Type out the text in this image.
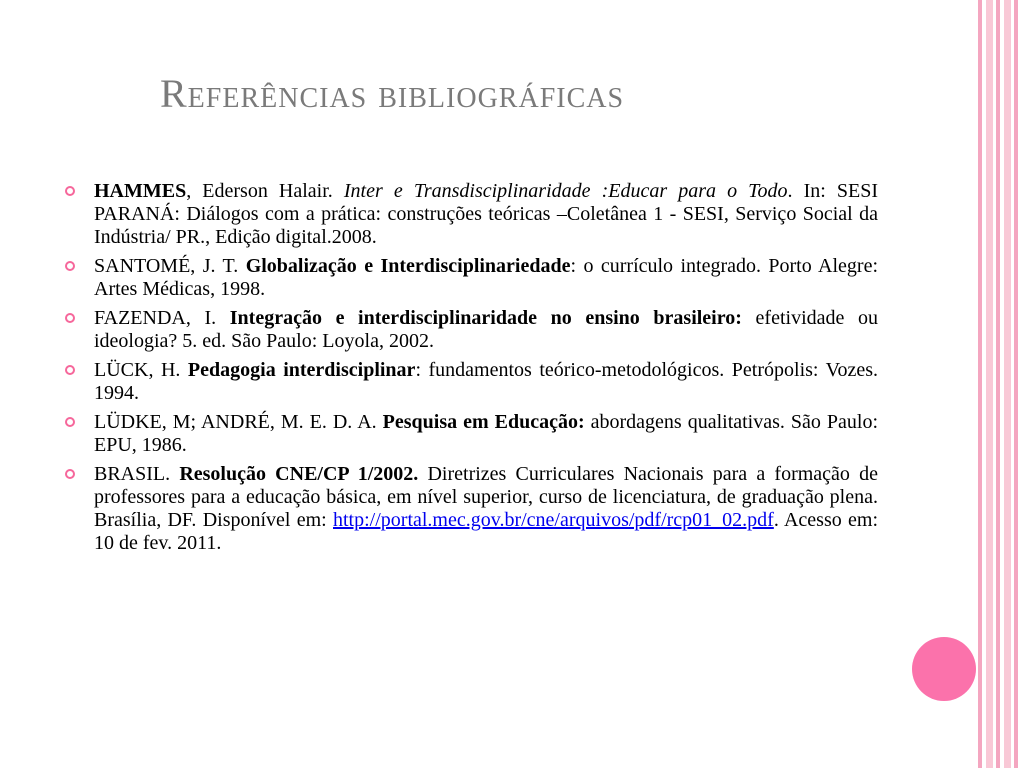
Referências bibliográficas
HAMMES, Ederson Halair. Inter e Transdisciplinaridade :Educar para o Todo. In: SESI PARANÁ: Diálogos com a prática: construções teóricas –Coletânea 1 - SESI, Serviço Social da Indústria/ PR., Edição digital.2008.
SANTOMÉ, J. T. Globalização e Interdisciplinariedade: o currículo integrado. Porto Alegre: Artes Médicas, 1998.
FAZENDA, I. Integração e interdisciplinaridade no ensino brasileiro: efetividade ou ideologia? 5. ed. São Paulo: Loyola, 2002.
LÜCK, H. Pedagogia interdisciplinar: fundamentos teórico-metodológicos. Petrópolis: Vozes. 1994.
LÜDKE, M; ANDRÉ, M. E. D. A. Pesquisa em Educação: abordagens qualitativas. São Paulo: EPU, 1986.
BRASIL. Resolução CNE/CP 1/2002. Diretrizes Curriculares Nacionais para a formação de professores para a educação básica, em nível superior, curso de licenciatura, de graduação plena. Brasília, DF. Disponível em: http://portal.mec.gov.br/cne/arquivos/pdf/rcp01_02.pdf. Acesso em: 10 de fev. 2011.
